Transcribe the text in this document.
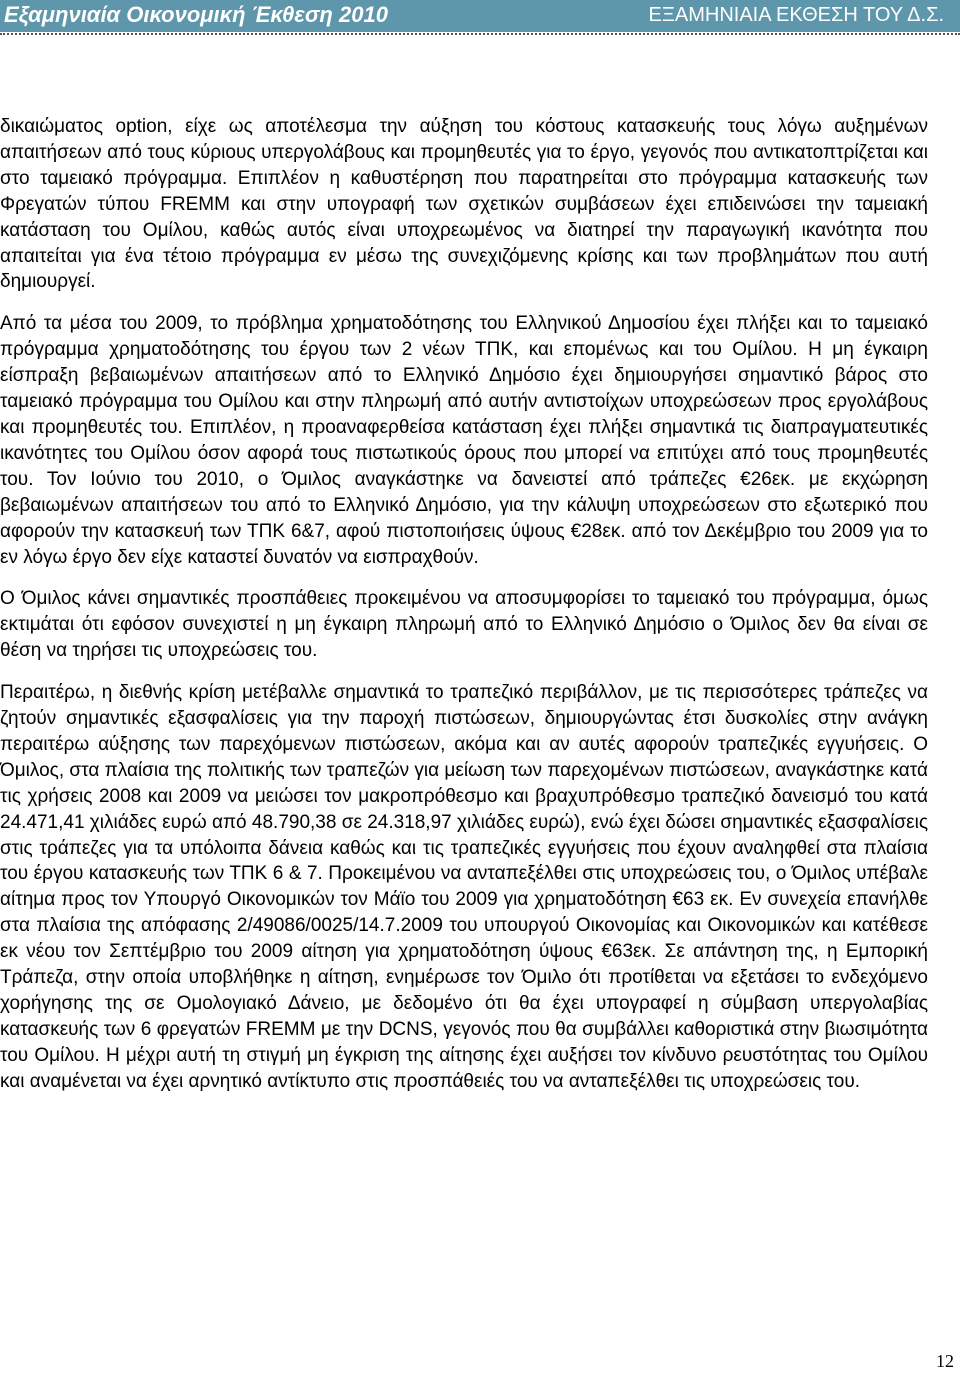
Εξαμηνιαία Οικονομική Έκθεση 2010	ΕΞΑΜΗΝΙΑΙΑ ΕΚΘΕΣΗ ΤΟΥ Δ.Σ.

δικαιώματος option, είχε ως αποτέλεσμα την αύξηση του κόστους κατασκευής τους λόγω αυξημένων απαιτήσεων από τους κύριους υπεργολάβους και προμηθευτές για το έργο, γεγονός που αντικατοπτρίζεται και στο ταμειακό πρόγραμμα. Επιπλέον η καθυστέρηση που παρατηρείται στο πρόγραμμα κατασκευής των Φρεγατών τύπου FREMM και στην υπογραφή των σχετικών συμβάσεων έχει επιδεινώσει την ταμειακή κατάσταση του Ομίλου, καθώς αυτός είναι υποχρεωμένος να διατηρεί την παραγωγική ικανότητα που απαιτείται για ένα τέτοιο πρόγραμμα εν μέσω της συνεχιζόμενης κρίσης και των προβλημάτων που αυτή δημιουργεί.

Από τα μέσα του 2009, το πρόβλημα χρηματοδότησης του Ελληνικού Δημοσίου έχει πλήξει και το ταμειακό πρόγραμμα χρηματοδότησης του έργου των 2 νέων ΤΠΚ, και επομένως και του Ομίλου. Η μη έγκαιρη είσπραξη βεβαιωμένων απαιτήσεων από το Ελληνικό Δημόσιο έχει δημιουργήσει σημαντικό βάρος στο ταμειακό πρόγραμμα του Ομίλου και στην πληρωμή από αυτήν αντιστοίχων υποχρεώσεων προς εργολάβους και προμηθευτές του. Επιπλέον, η προαναφερθείσα κατάσταση έχει πλήξει σημαντικά τις διαπραγματευτικές ικανότητες του Ομίλου όσον αφορά τους πιστωτικούς όρους που μπορεί να επιτύχει από τους προμηθευτές του. Τον Ιούνιο του 2010, ο Όμιλος αναγκάστηκε να δανειστεί από τράπεζες €26εκ. με εκχώρηση βεβαιωμένων απαιτήσεων του από το Ελληνικό Δημόσιο, για την κάλυψη υποχρεώσεων στο εξωτερικό που αφορούν την κατασκευή των ΤΠΚ 6&7, αφού πιστοποιήσεις ύψους €28εκ. από τον Δεκέμβριο του 2009 για το εν λόγω έργο δεν είχε καταστεί δυνατόν να εισπραχθούν.

Ο Όμιλος κάνει σημαντικές προσπάθειες προκειμένου να αποσυμφορίσει το ταμειακό του πρόγραμμα, όμως εκτιμάται ότι εφόσον συνεχιστεί η μη έγκαιρη πληρωμή από το Ελληνικό Δημόσιο ο Όμιλος δεν θα είναι σε θέση να τηρήσει τις υποχρεώσεις του.

Περαιτέρω, η διεθνής κρίση μετέβαλλε σημαντικά το τραπεζικό περιβάλλον, με τις περισσότερες τράπεζες να ζητούν σημαντικές εξασφαλίσεις για την παροχή πιστώσεων, δημιουργώντας έτσι δυσκολίες στην ανάγκη περαιτέρω αύξησης των παρεχόμενων πιστώσεων, ακόμα και αν αυτές αφορούν τραπεζικές εγγυήσεις. Ο Όμιλος, στα πλαίσια της πολιτικής των τραπεζών για μείωση των παρεχομένων πιστώσεων, αναγκάστηκε κατά τις χρήσεις 2008 και 2009 να μειώσει τον μακροπρόθεσμο και βραχυπρόθεσμο τραπεζικό δανεισμό του κατά 24.471,41 χιλιάδες ευρώ από 48.790,38 σε 24.318,97 χιλιάδες ευρώ), ενώ έχει δώσει σημαντικές εξασφαλίσεις στις τράπεζες για τα υπόλοιπα δάνεια καθώς και τις τραπεζικές εγγυήσεις που έχουν αναληφθεί στα πλαίσια του έργου κατασκευής των ΤΠΚ 6 & 7. Προκειμένου να ανταπεξέλθει στις υποχρεώσεις του, ο Όμιλος υπέβαλε αίτημα προς τον Υπουργό Οικονομικών τον Μάϊο του 2009 για χρηματοδότηση €63 εκ. Εν συνεχεία επανήλθε στα πλαίσια της απόφασης 2/49086/0025/14.7.2009 του υπουργού Οικονομίας και Οικονομικών και κατέθεσε εκ νέου τον Σεπτέμβριο του 2009 αίτηση για χρηματοδότηση ύψους €63εκ. Σε απάντηση της, η Εμπορική Τράπεζα, στην οποία υποβλήθηκε η αίτηση, ενημέρωσε τον Όμιλο ότι προτίθεται να εξετάσει το ενδεχόμενο χορήγησης της σε Ομολογιακό Δάνειο, με δεδομένο ότι θα έχει υπογραφεί η σύμβαση υπεργολαβίας κατασκευής των 6 φρεγατών FREMM με την DCNS, γεγονός που θα συμβάλλει καθοριστικά στην βιωσιμότητα του Ομίλου. Η μέχρι αυτή τη στιγμή μη έγκριση της αίτησης έχει αυξήσει τον κίνδυνο ρευστότητας του Ομίλου και αναμένεται να έχει αρνητικό αντίκτυπο στις προσπάθειές του να ανταπεξέλθει τις υποχρεώσεις του.

12
